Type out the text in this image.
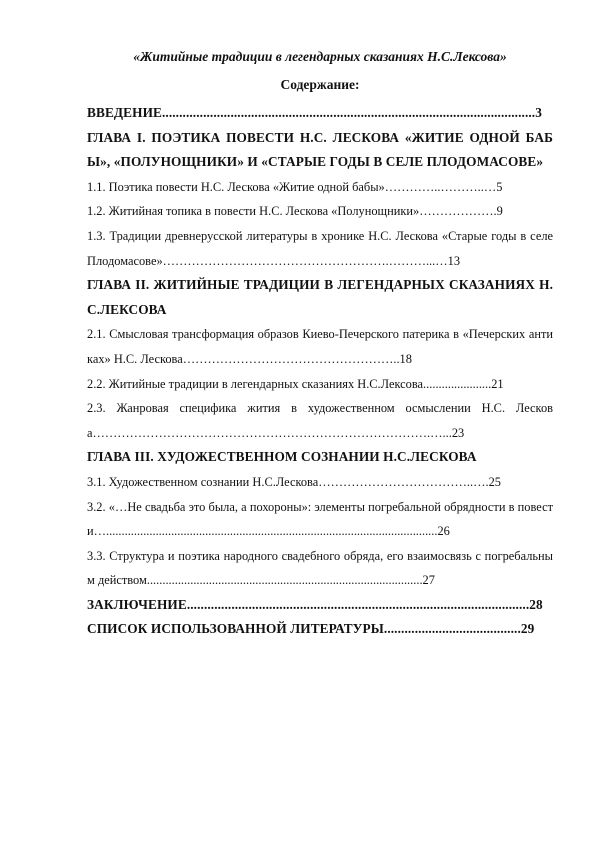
«Житийные традиции в легендарных сказаниях Н.С.Лексова»
Содержание:

ВВЕДЕНИЕ.............................................................................................................3

ГЛАВА I. ПОЭТИКА ПОВЕСТИ Н.С. ЛЕСКОВА «ЖИТИЕ ОДНОЙ БАБЫ», «ПОЛУНОЩНИКИ» И «СТАРЫЕ ГОДЫ В СЕЛЕ ПЛОДОМАСОВЕ»

1.1. Поэтика повести Н.С. Лескова «Житие одной бабы»…………..………..…5

1.2. Житийная топика в повести Н.С. Лескова «Полунощники»……………….9

1.3. Традиции древнерусской литературы в хронике Н.С. Лескова «Старые годы в селе Плодомасове»……………………………………………….………...…13

ГЛАВА II. ЖИТИЙНЫЕ ТРАДИЦИИ В ЛЕГЕНДАРНЫХ СКАЗАНИЯХ Н.С.ЛЕКСОВА

2.1. Смысловая трансформация образов Киево-Печерского патерика в «Печерских антиках» Н.С. Лескова……………………………………………..18

2.2. Житийные традиции в легендарных сказаниях Н.С.Лексова......................21

2.3. Жанровая специфика жития в художественном осмыслении Н.С. Лескова……………………………………………………………………….…...23

ГЛАВА III. ХУДОЖЕСТВЕННОМ СОЗНАНИИ Н.С.ЛЕСКОВА

3.1. Художественном сознании Н.С.Лескова………………………………..….25

3.2. «…Не свадьба это была, а похороны»: элементы погребальной обрядности в повести…...........................................................................................................26

3.3. Структура и поэтика народного свадебного обряда, его взаимосвязь с погребальным действом.........................................................................................27

ЗАКЛЮЧЕНИЕ....................................................................................................28

СПИСОК ИСПОЛЬЗОВАННОЙ ЛИТЕРАТУРЫ........................................29
